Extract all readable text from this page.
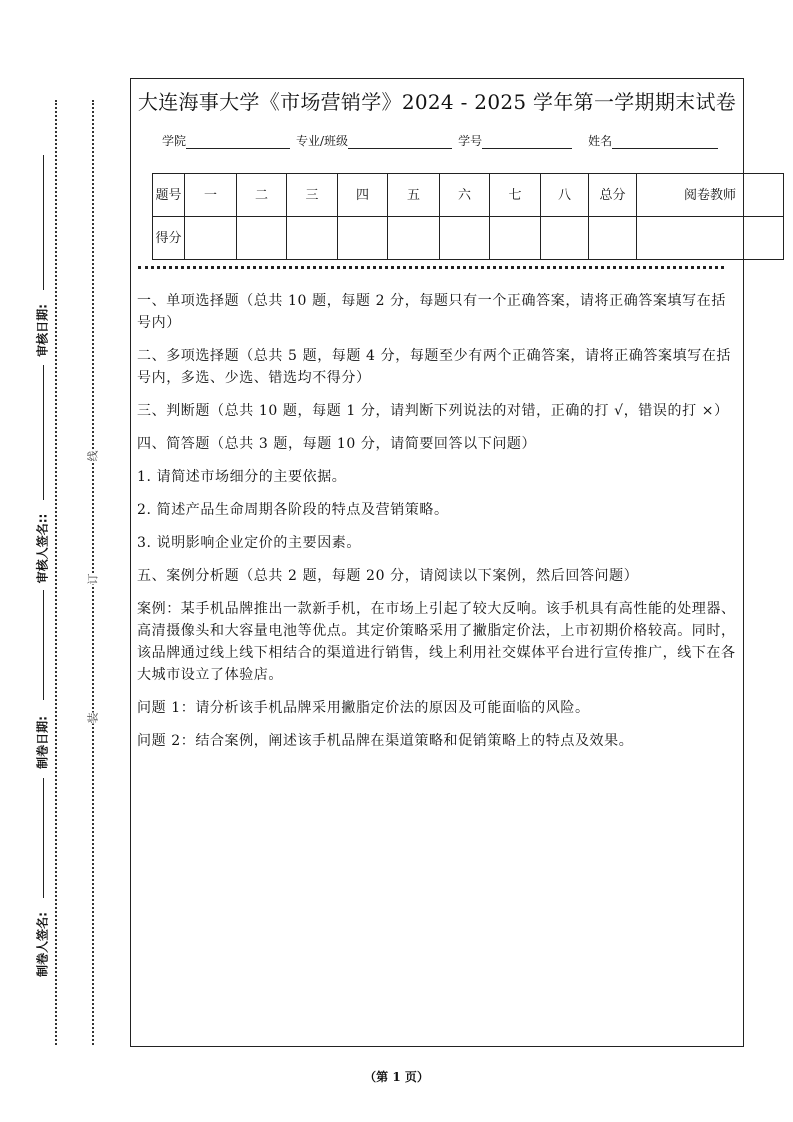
大连海事大学《市场营销学》2024 - 2025 学年第一学期期末试卷
学院	专业/班级	学号	姓名
题号	一	二	三	四	五	六	七	八	总分	阅卷教师
得分										

一、单项选择题（总共 10 题，每题 2 分，每题只有一个正确答案，请将正确答案填写在括号内）

二、多项选择题（总共 5 题，每题 4 分，每题至少有两个正确答案，请将正确答案填写在括号内，多选、少选、错选均不得分）

三、判断题（总共 10 题，每题 1 分，请判断下列说法的对错，正确的打 √，错误的打 ×）

四、简答题（总共 3 题，每题 10 分，请简要回答以下问题）

1. 请简述市场细分的主要依据。

2. 简述产品生命周期各阶段的特点及营销策略。

3. 说明影响企业定价的主要因素。

五、案例分析题（总共 2 题，每题 20 分，请阅读以下案例，然后回答问题）

案例：某手机品牌推出一款新手机，在市场上引起了较大反响。该手机具有高性能的处理器、高清摄像头和大容量电池等优点。其定价策略采用了撇脂定价法，上市初期价格较高。同时，该品牌通过线上线下相结合的渠道进行销售，线上利用社交媒体平台进行宣传推广，线下在各大城市设立了体验店。

问题 1：请分析该手机品牌采用撇脂定价法的原因及可能面临的风险。

问题 2：结合案例，阐述该手机品牌在渠道策略和促销策略上的特点及效果。

审核日期:
审核人签名::
制卷日期:
制卷人签名:
线
订
装
（第 1 页）
